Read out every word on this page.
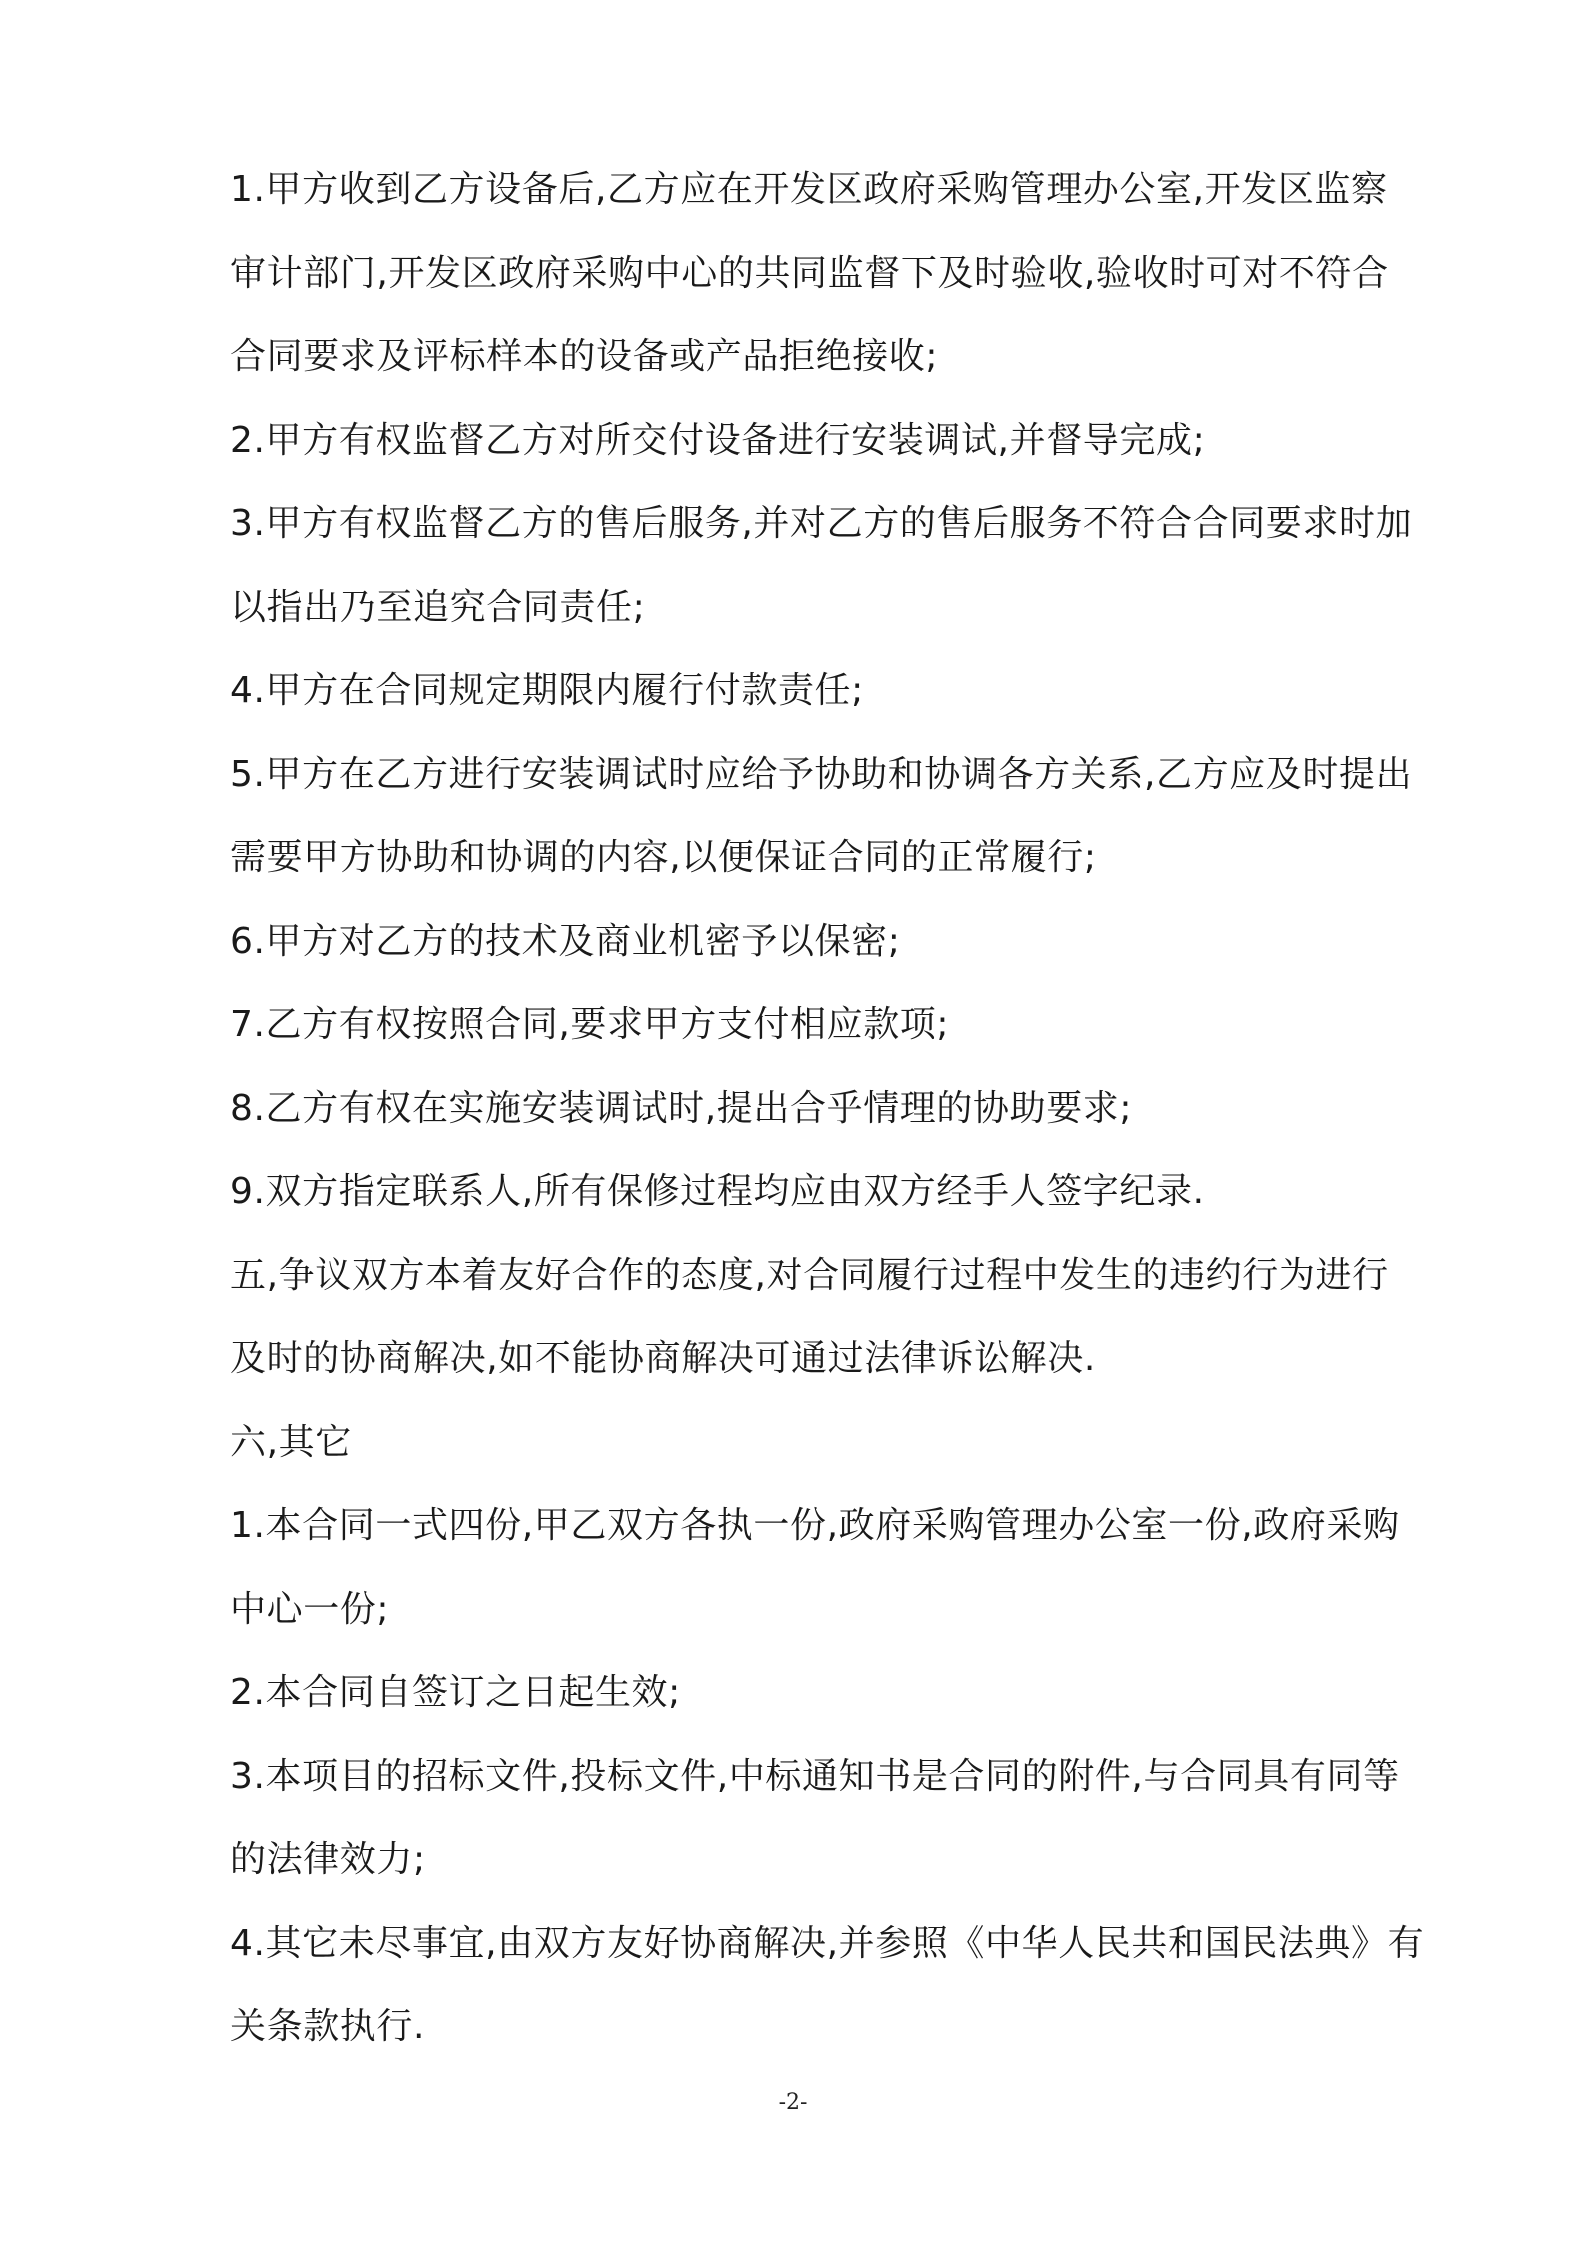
1.甲方收到乙方设备后,乙方应在开发区政府采购管理办公室,开发区监察
审计部门,开发区政府采购中心的共同监督下及时验收,验收时可对不符合
合同要求及评标样本的设备或产品拒绝接收;
2.甲方有权监督乙方对所交付设备进行安装调试,并督导完成;
3.甲方有权监督乙方的售后服务,并对乙方的售后服务不符合合同要求时加
以指出乃至追究合同责任;
4.甲方在合同规定期限内履行付款责任;
5.甲方在乙方进行安装调试时应给予协助和协调各方关系,乙方应及时提出
需要甲方协助和协调的内容,以便保证合同的正常履行;
6.甲方对乙方的技术及商业机密予以保密;
7.乙方有权按照合同,要求甲方支付相应款项;
8.乙方有权在实施安装调试时,提出合乎情理的协助要求;
9.双方指定联系人,所有保修过程均应由双方经手人签字纪录.
五,争议双方本着友好合作的态度,对合同履行过程中发生的违约行为进行
及时的协商解决,如不能协商解决可通过法律诉讼解决.
六,其它
1.本合同一式四份,甲乙双方各执一份,政府采购管理办公室一份,政府采购
中心一份;
2.本合同自签订之日起生效;
3.本项目的招标文件,投标文件,中标通知书是合同的附件,与合同具有同等
的法律效力;
4.其它未尽事宜,由双方友好协商解决,并参照《中华人民共和国民法典》有
关条款执行.
-2-
